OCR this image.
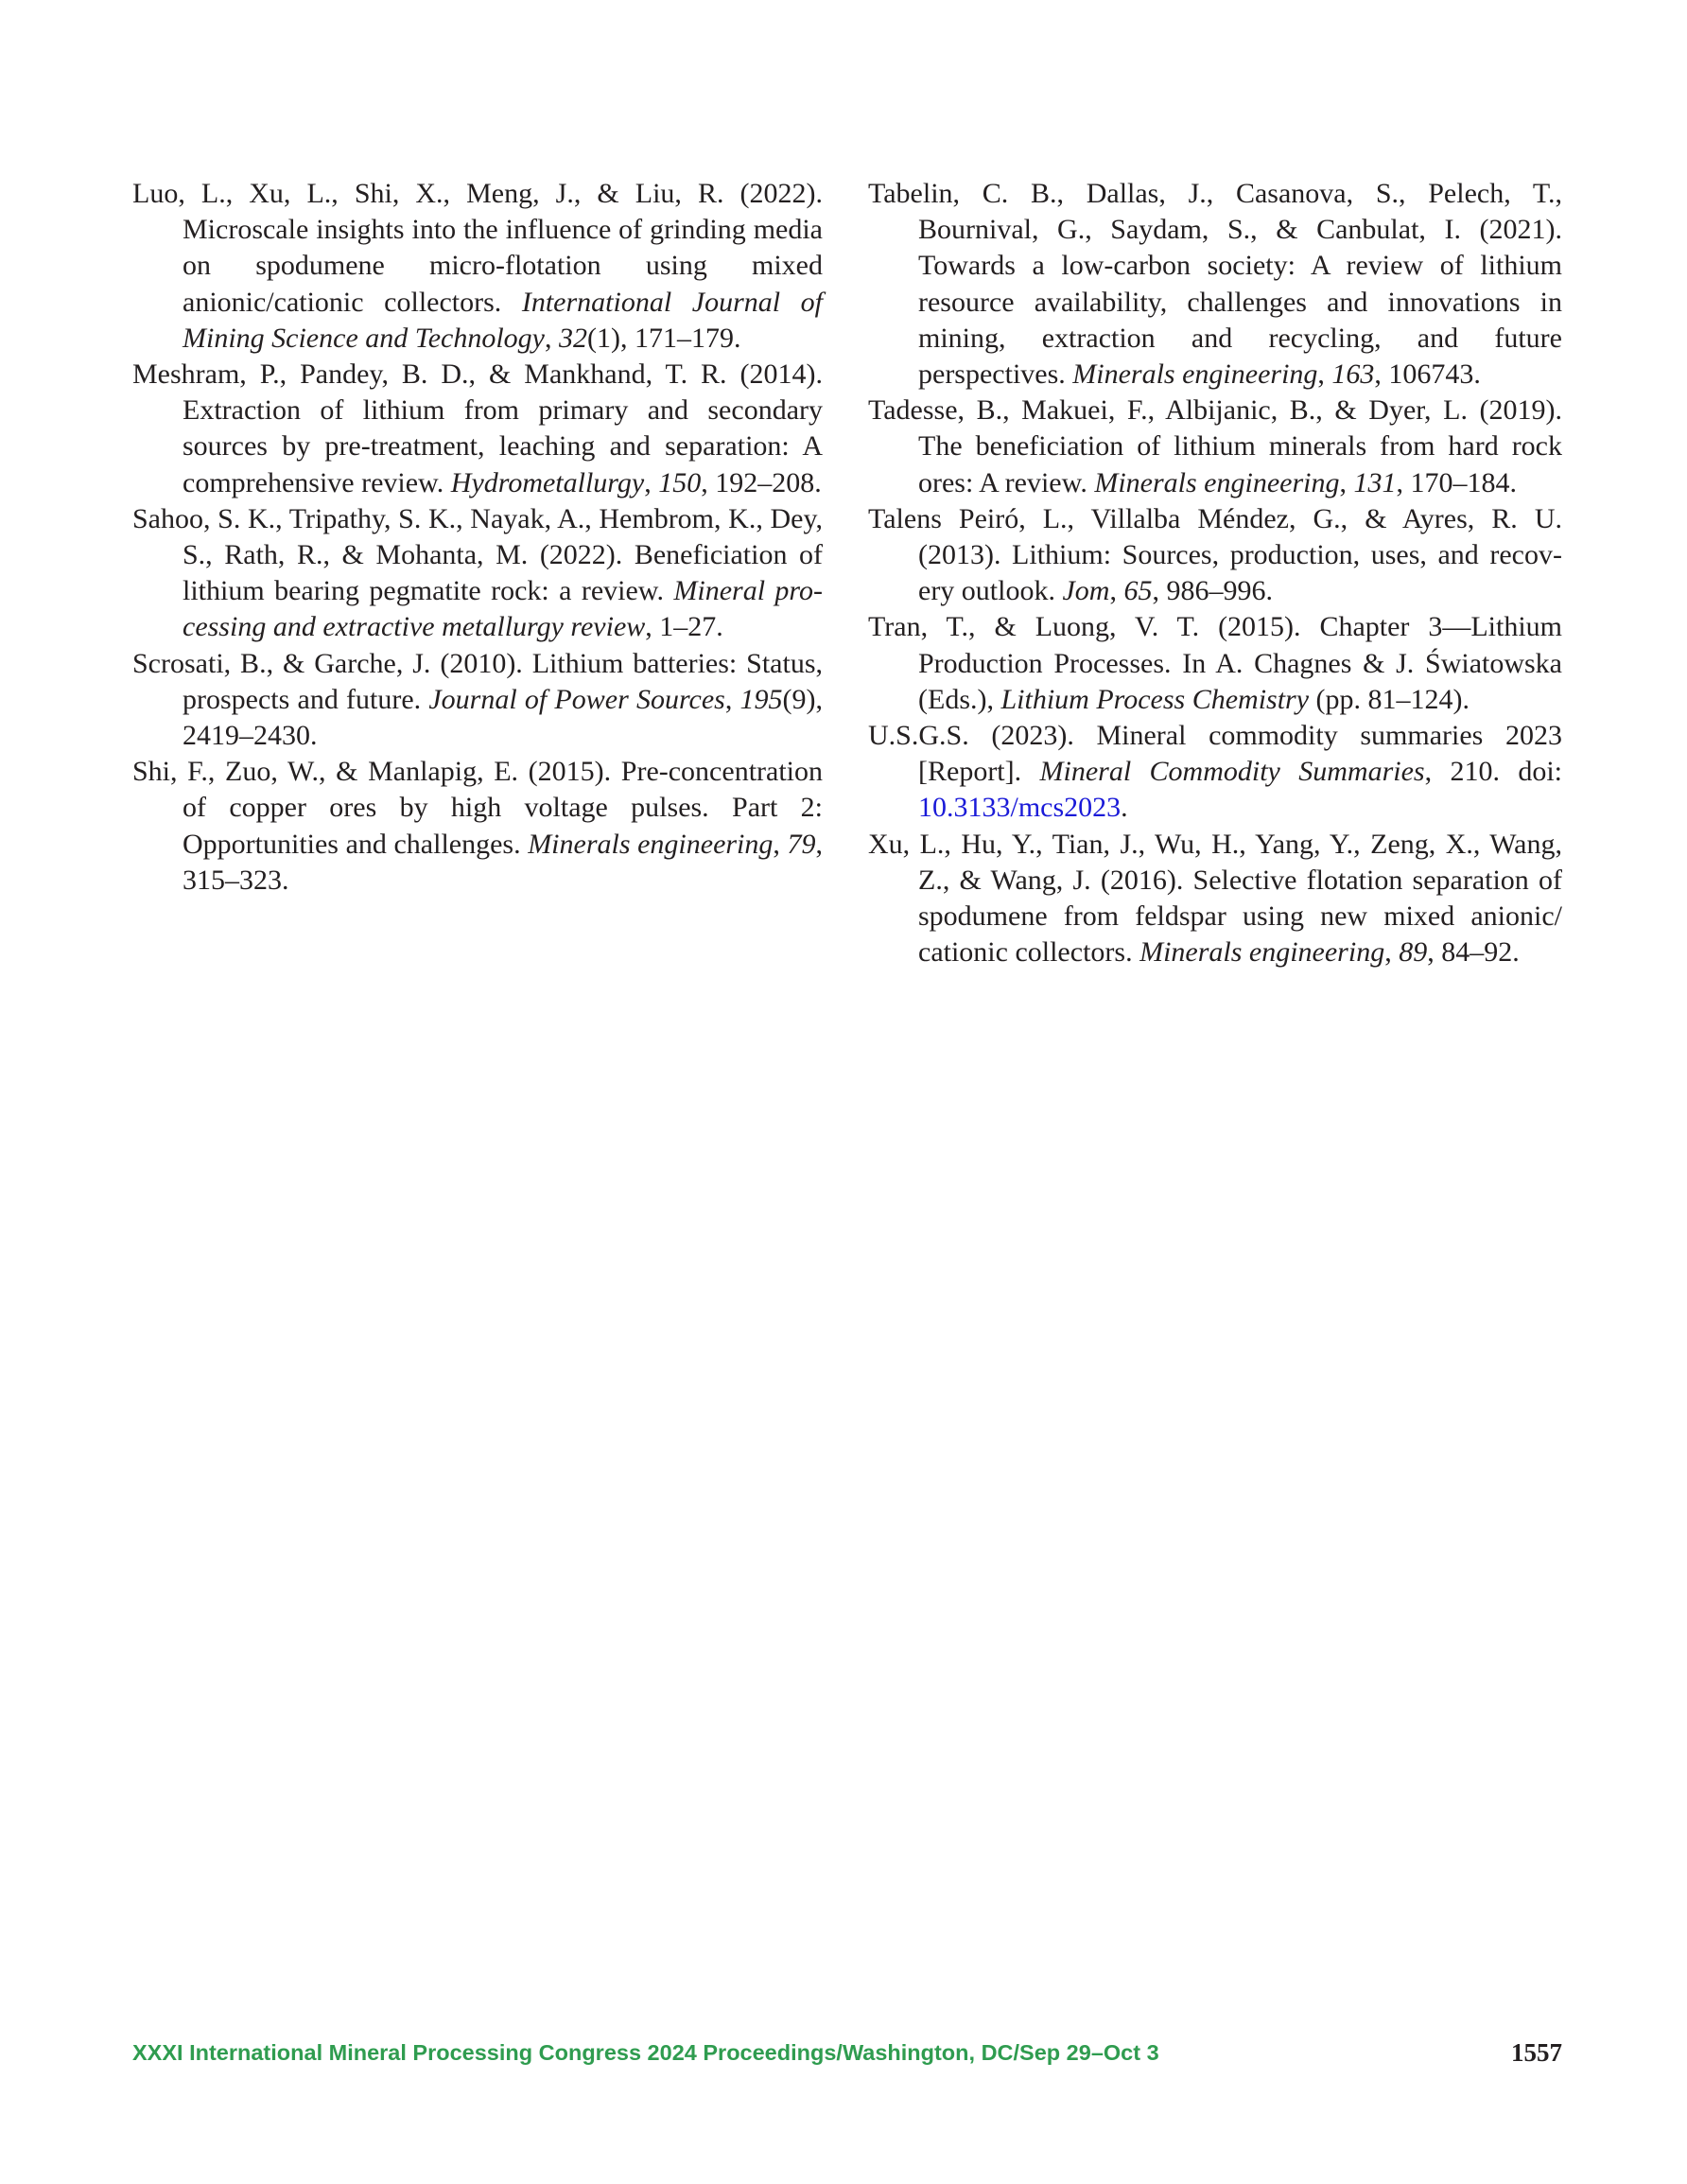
Luo, L., Xu, L., Shi, X., Meng, J., & Liu, R. (2022). Microscale insights into the influence of grinding media on spodumene micro-flotation using mixed anionic/cationic collectors. International Journal of Mining Science and Technology, 32(1), 171–179.

Meshram, P., Pandey, B. D., & Mankhand, T. R. (2014). Extraction of lithium from primary and secondary sources by pre-treatment, leaching and separation: A comprehensive review. Hydrometallurgy, 150, 192–208.

Sahoo, S. K., Tripathy, S. K., Nayak, A., Hembrom, K., Dey, S., Rath, R., & Mohanta, M. (2022). Beneficiation of lithium bearing pegmatite rock: a review. Mineral processing and extractive metallurgy review, 1–27.

Scrosati, B., & Garche, J. (2010). Lithium batteries: Status, prospects and future. Journal of Power Sources, 195(9), 2419–2430.

Shi, F., Zuo, W., & Manlapig, E. (2015). Pre-concentration of copper ores by high voltage pulses. Part 2: Opportunities and challenges. Minerals engineering, 79, 315–323.

Tabelin, C. B., Dallas, J., Casanova, S., Pelech, T., Bournival, G., Saydam, S., & Canbulat, I. (2021). Towards a low-carbon society: A review of lithium resource availability, challenges and innovations in mining, extraction and recycling, and future perspectives. Minerals engineering, 163, 106743.

Tadesse, B., Makuei, F., Albijanic, B., & Dyer, L. (2019). The beneficiation of lithium minerals from hard rock ores: A review. Minerals engineering, 131, 170–184.

Talens Peiró, L., Villalba Méndez, G., & Ayres, R. U. (2013). Lithium: Sources, production, uses, and recovery outlook. Jom, 65, 986–996.

Tran, T., & Luong, V. T. (2015). Chapter 3—Lithium Production Processes. In A. Chagnes & J. Światowska (Eds.), Lithium Process Chemistry (pp. 81–124).

U.S.G.S. (2023). Mineral commodity summaries 2023 [Report]. Mineral Commodity Summaries, 210. doi: 10.3133/mcs2023.

Xu, L., Hu, Y., Tian, J., Wu, H., Yang, Y., Zeng, X., Wang, Z., & Wang, J. (2016). Selective flotation separation of spodumene from feldspar using new mixed anionic/​cationic collectors. Minerals engineering, 89, 84–92.

XXXI International Mineral Processing Congress 2024 Proceedings/Washington, DC/Sep 29–Oct 3	1557
